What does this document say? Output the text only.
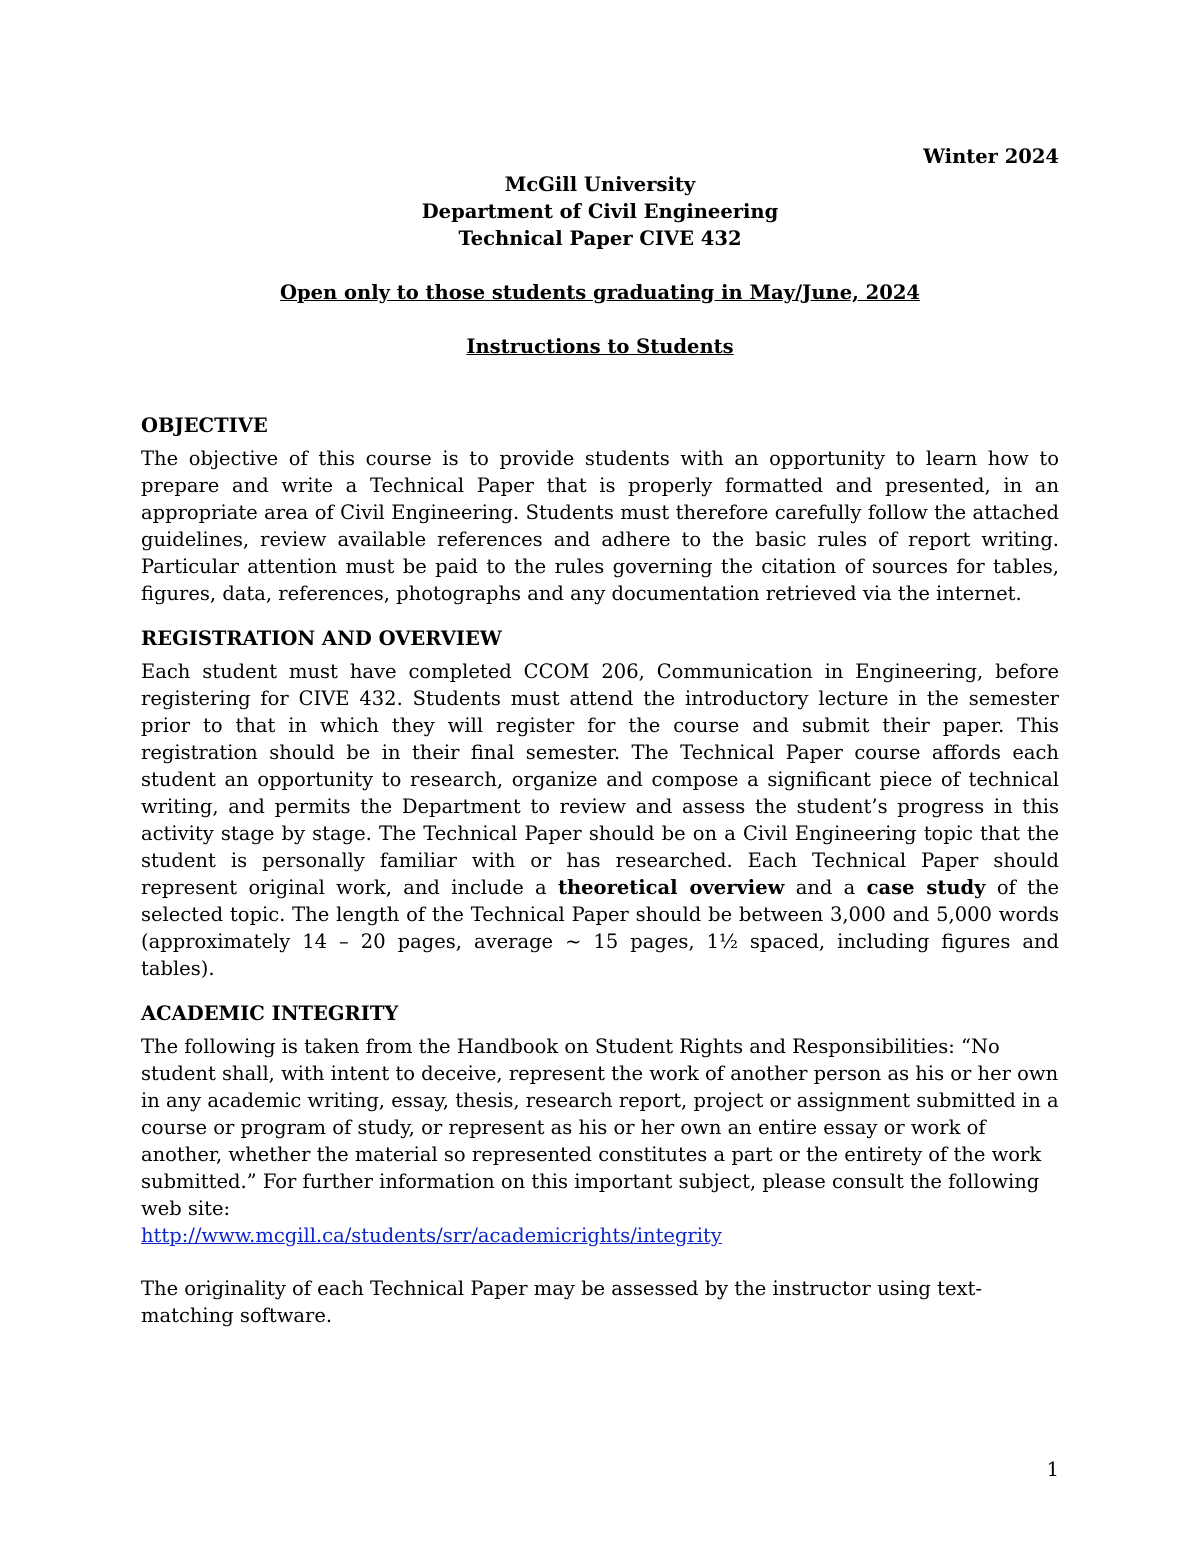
Winter 2024
McGill University
Department of Civil Engineering
Technical Paper CIVE 432
Open only to those students graduating in May/June, 2024
Instructions to Students
OBJECTIVE

The objective of this course is to provide students with an opportunity to learn how to prepare and write a Technical Paper that is properly formatted and presented, in an appropriate area of Civil Engineering. Students must therefore carefully follow the attached guidelines, review available references and adhere to the basic rules of report writing. Particular attention must be paid to the rules governing the citation of sources for tables, figures, data, references, photographs and any documentation retrieved via the internet.

REGISTRATION AND OVERVIEW

Each student must have completed CCOM 206, Communication in Engineering, before registering for CIVE 432. Students must attend the introductory lecture in the semester prior to that in which they will register for the course and submit their paper. This registration should be in their final semester. The Technical Paper course affords each student an opportunity to research, organize and compose a significant piece of technical writing, and permits the Department to review and assess the student’s progress in this activity stage by stage. The Technical Paper should be on a Civil Engineering topic that the student is personally familiar with or has researched. Each Technical Paper should represent original work, and include a theoretical overview and a case study of the selected topic. The length of the Technical Paper should be between 3,000 and 5,000 words (approximately 14 – 20 pages, average ~ 15 pages, 1½ spaced, including figures and tables).

ACADEMIC INTEGRITY

The following is taken from the Handbook on Student Rights and Responsibilities: “No student shall, with intent to deceive, represent the work of another person as his or her own in any academic writing, essay, thesis, research report, project or assignment submitted in a course or program of study, or represent as his or her own an entire essay or work of another, whether the material so represented constitutes a part or the entirety of the work submitted.” For further information on this important subject, please consult the following web site:

http://www.mcgill.ca/students/srr/academicrights/integrity

The originality of each Technical Paper may be assessed by the instructor using text-matching software.

1
